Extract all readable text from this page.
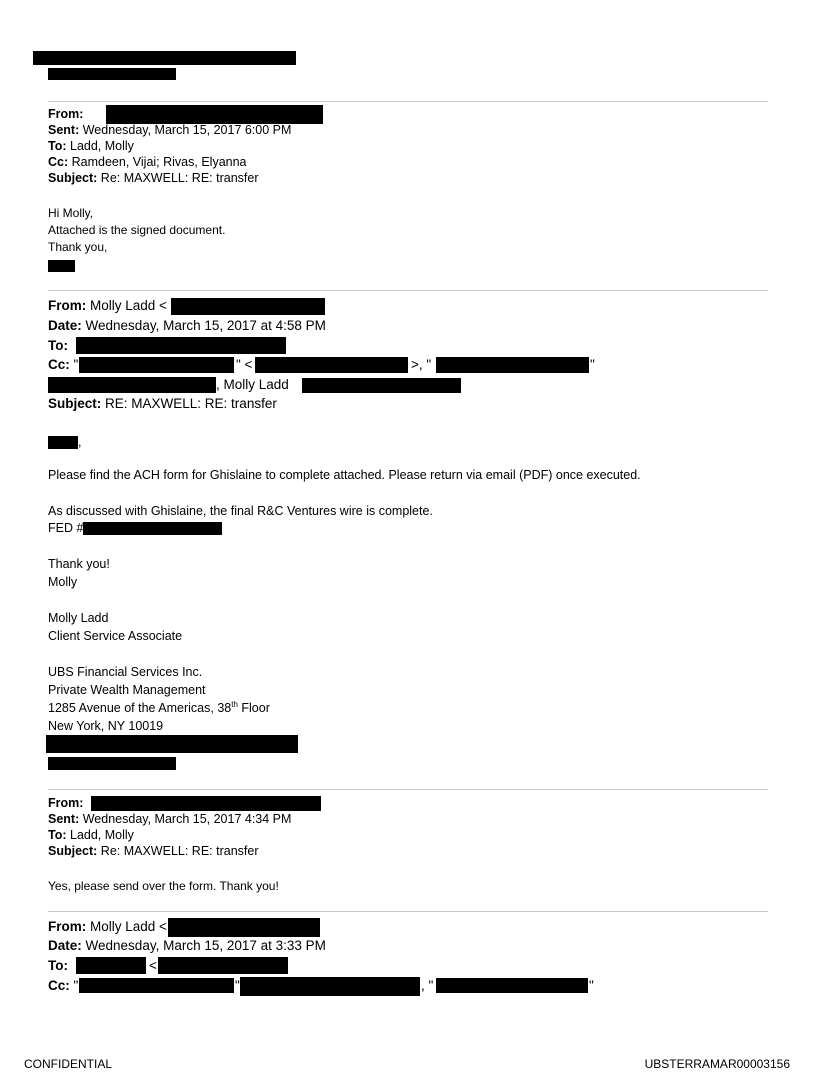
From:
Sent: Wednesday, March 15, 2017 6:00 PM
To: Ladd, Molly
Cc: Ramdeen, Vijai; Rivas, Elyanna
Subject: Re: MAXWELL: RE: transfer
Hi Molly,
Attached is the signed document.
Thank you,
From: Molly Ladd <
Date: Wednesday, March 15, 2017 at 4:58 PM
To:
Cc: "	" <	>, "	"
, Molly Ladd
Subject: RE: MAXWELL: RE: transfer
,
Please find the ACH form for Ghislaine to complete attached. Please return via email (PDF) once executed.
As discussed with Ghislaine, the final R&C Ventures wire is complete.
FED #
Thank you!
Molly
Molly Ladd
Client Service Associate
UBS Financial Services Inc.
Private Wealth Management
1285 Avenue of the Americas, 38th Floor
New York, NY 10019
From:
Sent: Wednesday, March 15, 2017 4:34 PM
To: Ladd, Molly
Subject: Re: MAXWELL: RE: transfer
Yes, please send over the form. Thank you!
From: Molly Ladd <
Date: Wednesday, March 15, 2017 at 3:33 PM
To:	<
Cc: "	"	, "	"
CONFIDENTIAL	UBSTERRAMAR00003156
